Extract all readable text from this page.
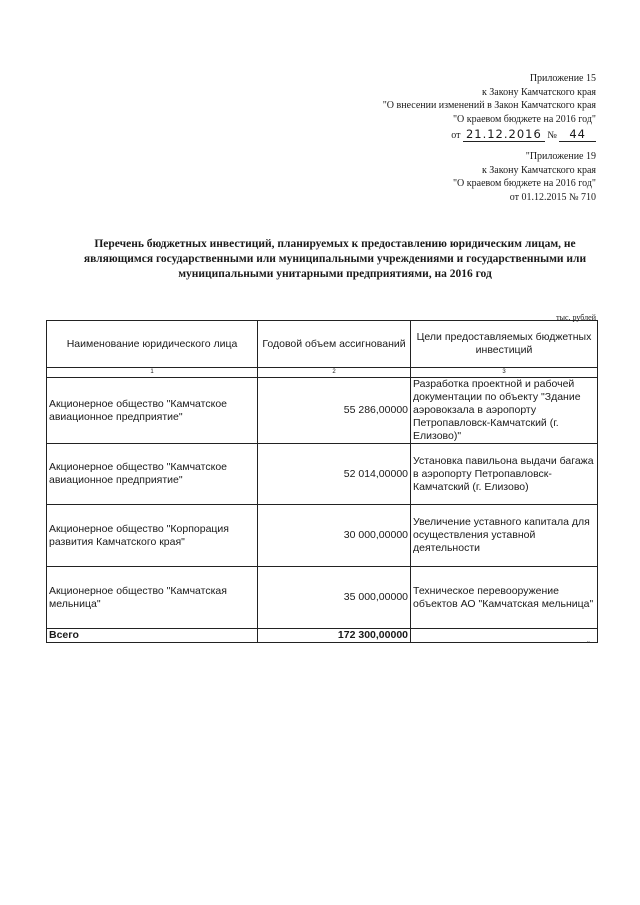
Приложение 15
к Закону Камчатского края
"О внесении изменений в Закон Камчатского края
"О краевом бюджете на 2016 год"
от 21.12.2016 № 44
"Приложение 19
к Закону Камчатского края
"О краевом бюджете на 2016 год"
от 01.12.2015 № 710
Перечень бюджетных инвестиций, планируемых к предоставлению юридическим лицам, не являющимся государственными или муниципальными учреждениями и государственными или муниципальными унитарными предприятиями, на 2016 год
тыс. рублей
Наименование юридического лица	Годовой объем ассигнований	Цели предоставляемых бюджетных инвестиций
1	2	3
Акционерное общество "Камчатское авиационное предприятие"	55 286,00000	Разработка проектной и рабочей документации по объекту "Здание аэровокзала в аэропорту Петропавловск-Камчатский (г. Елизово)"
Акционерное общество "Камчатское авиационное предприятие"	52 014,00000	Установка павильона выдачи багажа в аэропорту Петропавловск-Камчатский (г. Елизово)
Акционерное общество "Корпорация развития Камчатского края"	30 000,00000	Увеличение уставного капитала для осуществления уставной деятельности
Акционерное общество "Камчатская мельница"	35 000,00000	Техническое перевооружение объектов АО "Камчатская мельница"
Всего	172 300,00000	
"
